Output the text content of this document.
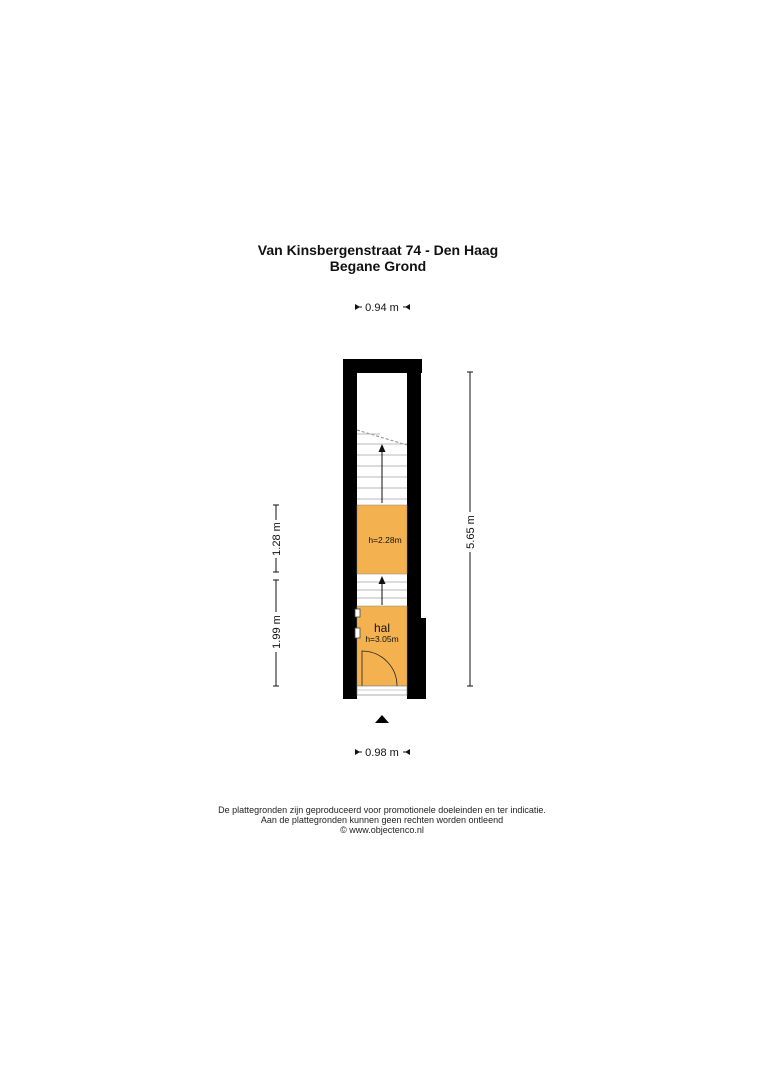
Van Kinsbergenstraat 74 - Den Haag
Begane Grond
0.94 m
h=2.28m
hal
h=3.05m
5.65 m
1.28 m
1.99 m
0.98 m
De plattegronden zijn geproduceerd voor promotionele doeleinden en ter indicatie.
Aan de plattegronden kunnen geen rechten worden ontleend
© www.objectenco.nl
